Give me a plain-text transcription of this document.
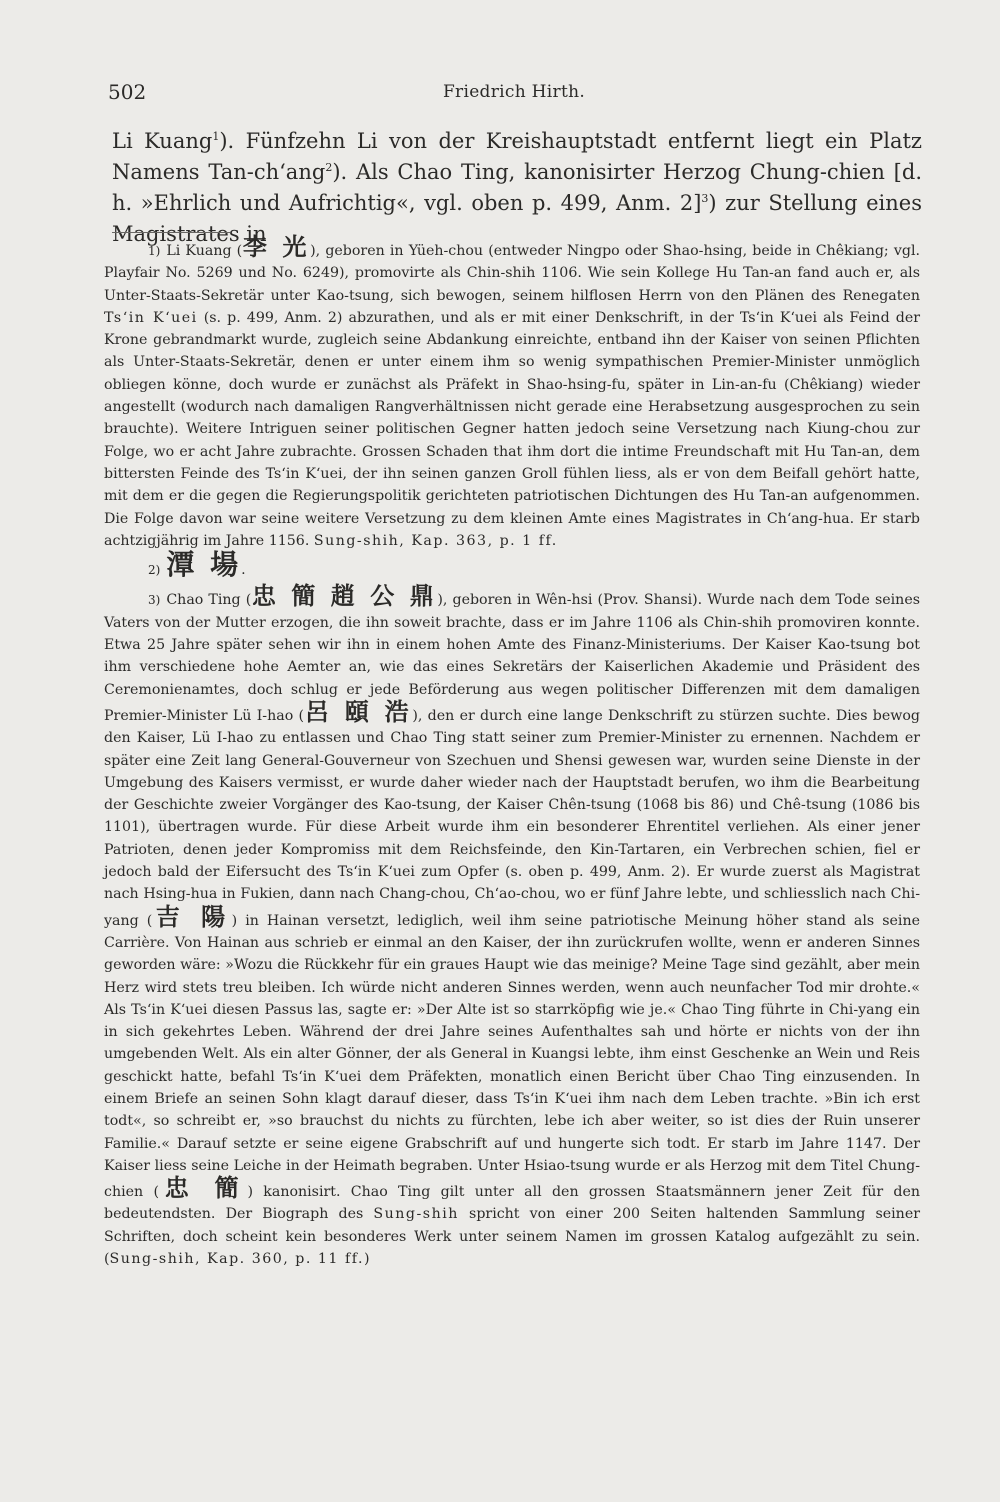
502	Friedrich Hirth.

Li Kuang$^1$). Fünfzehn Li von der Kreishauptstadt entfernt liegt ein Platz Namens Tan-ch‘ang$^2$). Als Chao Ting, kanonisirter Herzog Chung-chien [d. h. »Ehrlich und Aufrichtig«, vgl. oben p. 499, Anm. 2]$^3$) zur Stellung eines Magistrates in

1) Li Kuang (李 光), geboren in Yüeh-chou (entweder Ningpo oder Shao-hsing, beide in Chêkiang; vgl. Playfair No. 5269 und No. 6249), promovirte als Chin-shih 1106. Wie sein Kollege Hu Tan-an fand auch er, als Unter-Staats-Sekretär unter Kao-tsung, sich bewogen, seinem hilflosen Herrn von den Plänen des Renegaten Ts‘in K‘uei (s. p. 499, Anm. 2) abzurathen, und als er mit einer Denkschrift, in der Ts‘in K‘uei als Feind der Krone gebrandmarkt wurde, zugleich seine Abdankung einreichte, entband ihn der Kaiser von seinen Pflichten als Unter-Staats-Sekretär, denen er unter einem ihm so wenig sympathischen Premier-Minister unmöglich obliegen könne, doch wurde er zunächst als Präfekt in Shao-hsing-fu, später in Lin-an-fu (Chêkiang) wieder angestellt (wodurch nach damaligen Rangverhältnissen nicht gerade eine Herabsetzung ausgesprochen zu sein brauchte). Weitere Intriguen seiner politischen Gegner hatten jedoch seine Versetzung nach Kiung-chou zur Folge, wo er acht Jahre zubrachte. Grossen Schaden that ihm dort die intime Freundschaft mit Hu Tan-an, dem bittersten Feinde des Ts‘in K‘uei, der ihn seinen ganzen Groll fühlen liess, als er von dem Beifall gehört hatte, mit dem er die gegen die Regierungspolitik gerichteten patriotischen Dichtungen des Hu Tan-an aufgenommen. Die Folge davon war seine weitere Versetzung zu dem kleinen Amte eines Magistrates in Ch‘ang-hua. Er starb achtzigjährig im Jahre 1156. Sung-shih, Kap. 363, p. 1 ff.

2) 潭 場.

3) Chao Ting (忠 簡 趙 公 鼎), geboren in Wên-hsi (Prov. Shansi). Wurde nach dem Tode seines Vaters von der Mutter erzogen, die ihn soweit brachte, dass er im Jahre 1106 als Chin-shih promoviren konnte. Etwa 25 Jahre später sehen wir ihn in einem hohen Amte des Finanz-Ministeriums. Der Kaiser Kao-tsung bot ihm verschiedene hohe Aemter an, wie das eines Sekretärs der Kaiserlichen Akademie und Präsident des Ceremonienamtes, doch schlug er jede Beförderung aus wegen politischer Differenzen mit dem damaligen Premier-Minister Lü I-hao (呂 頤 浩), den er durch eine lange Denkschrift zu stürzen suchte. Dies bewog den Kaiser, Lü I-hao zu entlassen und Chao Ting statt seiner zum Premier-Minister zu ernennen. Nachdem er später eine Zeit lang General-Gouverneur von Szechuen und Shensi gewesen war, wurden seine Dienste in der Umgebung des Kaisers vermisst, er wurde daher wieder nach der Hauptstadt berufen, wo ihm die Bearbeitung der Geschichte zweier Vorgänger des Kao-tsung, der Kaiser Chên-tsung (1068 bis 86) und Chê-tsung (1086 bis 1101), übertragen wurde. Für diese Arbeit wurde ihm ein besonderer Ehrentitel verliehen. Als einer jener Patrioten, denen jeder Kompromiss mit dem Reichsfeinde, den Kin-Tartaren, ein Verbrechen schien, fiel er jedoch bald der Eifersucht des Ts‘in K‘uei zum Opfer (s. oben p. 499, Anm. 2). Er wurde zuerst als Magistrat nach Hsing-hua in Fukien, dann nach Chang-chou, Ch‘ao-chou, wo er fünf Jahre lebte, und schliesslich nach Chi-yang (吉 陽) in Hainan versetzt, lediglich, weil ihm seine patriotische Meinung höher stand als seine Carrière. Von Hainan aus schrieb er einmal an den Kaiser, der ihn zurückrufen wollte, wenn er anderen Sinnes geworden wäre: »Wozu die Rückkehr für ein graues Haupt wie das meinige? Meine Tage sind gezählt, aber mein Herz wird stets treu bleiben. Ich würde nicht anderen Sinnes werden, wenn auch neunfacher Tod mir drohte.« Als Ts‘in K‘uei diesen Passus las, sagte er: »Der Alte ist so starrköpfig wie je.« Chao Ting führte in Chi-yang ein in sich gekehrtes Leben. Während der drei Jahre seines Aufenthaltes sah und hörte er nichts von der ihn umgebenden Welt. Als ein alter Gönner, der als General in Kuangsi lebte, ihm einst Geschenke an Wein und Reis geschickt hatte, befahl Ts‘in K‘uei dem Präfekten, monatlich einen Bericht über Chao Ting einzusenden. In einem Briefe an seinen Sohn klagt darauf dieser, dass Ts‘in K‘uei ihm nach dem Leben trachte. »Bin ich erst todt«, so schreibt er, »so brauchst du nichts zu fürchten, lebe ich aber weiter, so ist dies der Ruin unserer Familie.« Darauf setzte er seine eigene Grabschrift auf und hungerte sich todt. Er starb im Jahre 1147. Der Kaiser liess seine Leiche in der Heimath begraben. Unter Hsiao-tsung wurde er als Herzog mit dem Titel Chung-chien (忠 簡) kanonisirt. Chao Ting gilt unter all den grossen Staatsmännern jener Zeit für den bedeutendsten. Der Biograph des Sung-shih spricht von einer 200 Seiten haltenden Sammlung seiner Schriften, doch scheint kein besonderes Werk unter seinem Namen im grossen Katalog aufgezählt zu sein. (Sung-shih, Kap. 360, p. 11 ff.)
